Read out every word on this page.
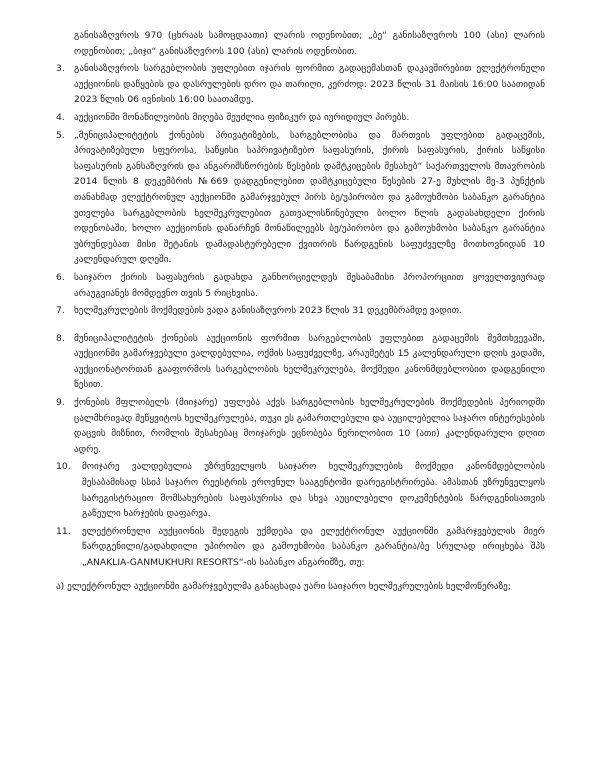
განისაზღვროს 970 (ცხრაას სამოცდაათი) ლარის ოდენობით; „ბე“ განისაზღვროს 100 (ასი) ლარის ოდენობით; „ბიჯი“ განისაზღვროს 100 (ასი) ლარის ოდენობით.

3. განისაზღვროს სარგებლობის უფლებით იჯარის ფორმით გადაცემასთან დაკავშირებით ელექტრონული აუქციონის დაწყების და დასრულების დრო და თარიღი, კერძოდ: 2023 წლის 31 მაისის 16:00 საათიდან 2023 წლის 06 ივნისის 16:00 საათამდე.

4. აუქციონში მონაწილეობის მიღება შეუძლია ფიზიკურ და იურიდიულ პირებს.

5. „მუნიციპალიტეტის ქონების პრივატიზების, სარგებლობისა და მართვის უფლებით გადაცემის, პრივატიზებული სფეროსა, საწყისი საპრივატიზებო საფასურის, ქირის საფასურის, ქირის საწყისი საფასურის განსაზღვრის და ანგარიშსწორების წესების დამტკიცების შესახებ“ საქართველოს მთავრობის 2014 წლის 8 დეკემბრის №669 დადგენილებით დამტკიცებული წესების 27-ე მუხლის მე-3 პუნქტის თანახმად ელექტრონულ აუქციონში გამარჯვებულ პირს ბე/უპირობო და გამოუხმობი საბანკო გარანტია ეთვლება სარგებლობის ხელშეკრულებით გათვალისწინებული ბოლო წლის გადასახდელი ქირის ოდენობაში, ხოლო აუქციონის დანარჩენ მონაწილეებს ბე/უპირობო და გამოუხმობი საბანკო გარანტია უბრუნდებათ მისი შეტანის დამადასტურებელი ქვითრის წარდგენის საფუძველზე მოთხოვნიდან 10 კალენდარულ დღეში.

6. საიჯარო ქირის საფასურის გადახდა განხორციელდეს შესაბამისი პროპორციით ყოველთვიურად არაუგვიანეს მომდევნო თვის 5 რიცხვისა.

7. ხელშეკრულების მოქმედების ვადა განისაზღვროს 2023 წლის 31 დეკემბრამდე ვადით.

8. მუნიციპალიტეტის ქონების აუქციონის ფორმით სარგებლობის უფლებით გადაცემის შემთხვევაში, აუქციონში გამარჯვებული ვალდებულია, ოქმის საფუძველზე, არაუმეტეს 15 კალენდარული დღის ვადაში, აუქციონატორთან გააფორმოს სარგებლობის ხელშეკრულება, მოქმედი კანონმდებლობით დადგენილი წესით.

9. ქონების მფლობელს (მიიჯარე) უფლება აქვს სარგებლობის ხელშეკრულების მოქმედების პერიოდში ცალმხრივად შეწყვიტოს ხელშეკრულება, თუკი ეს გამართლებული და აუცილებელია საჯარო ინტერესების დაცვის მიზნით, რომლის შესახებაც მოიჯარეს ეცნობება წერილობით 10 (ათი) კალენდარული დღით ადრე.

10. მოიჯარე ვალდებულია უზრუნველყოს საიჯარო ხელშეკრულების მოქმედი კანონმდებლობის შესაბამისად სსიპ საჯარო რეესტრის ეროვნულ სააგენტოში დარეგისტრირება. ამასთან უზრუნველყოს სარეგისტრაციო მომსახურების საფასურისა და სხვა აუცილებელი დოკუმენტების წარდგენისათვის გაწეული ხარჯების დაფარვა.

11. ელექტრონული აუქციონის შედეგის უქმდება და ელექტრონულ აუქციონში გამარჯვებულის მიერ წარდგენილი/გადახდილი უპირობო და გამოუხმობი საბანკო გარანტია/ბე სრულად ირიცხება შპს „ANAKLIA-GANMUKHURI RESORTS“-ის საბანკო ანგარიშზე, თუ:

ა) ელექტრონულ აუქციონში გამარჯვებულმა განაცხადა უარი საიჯარო ხელშეკრულების ხელმოწერაზე;
